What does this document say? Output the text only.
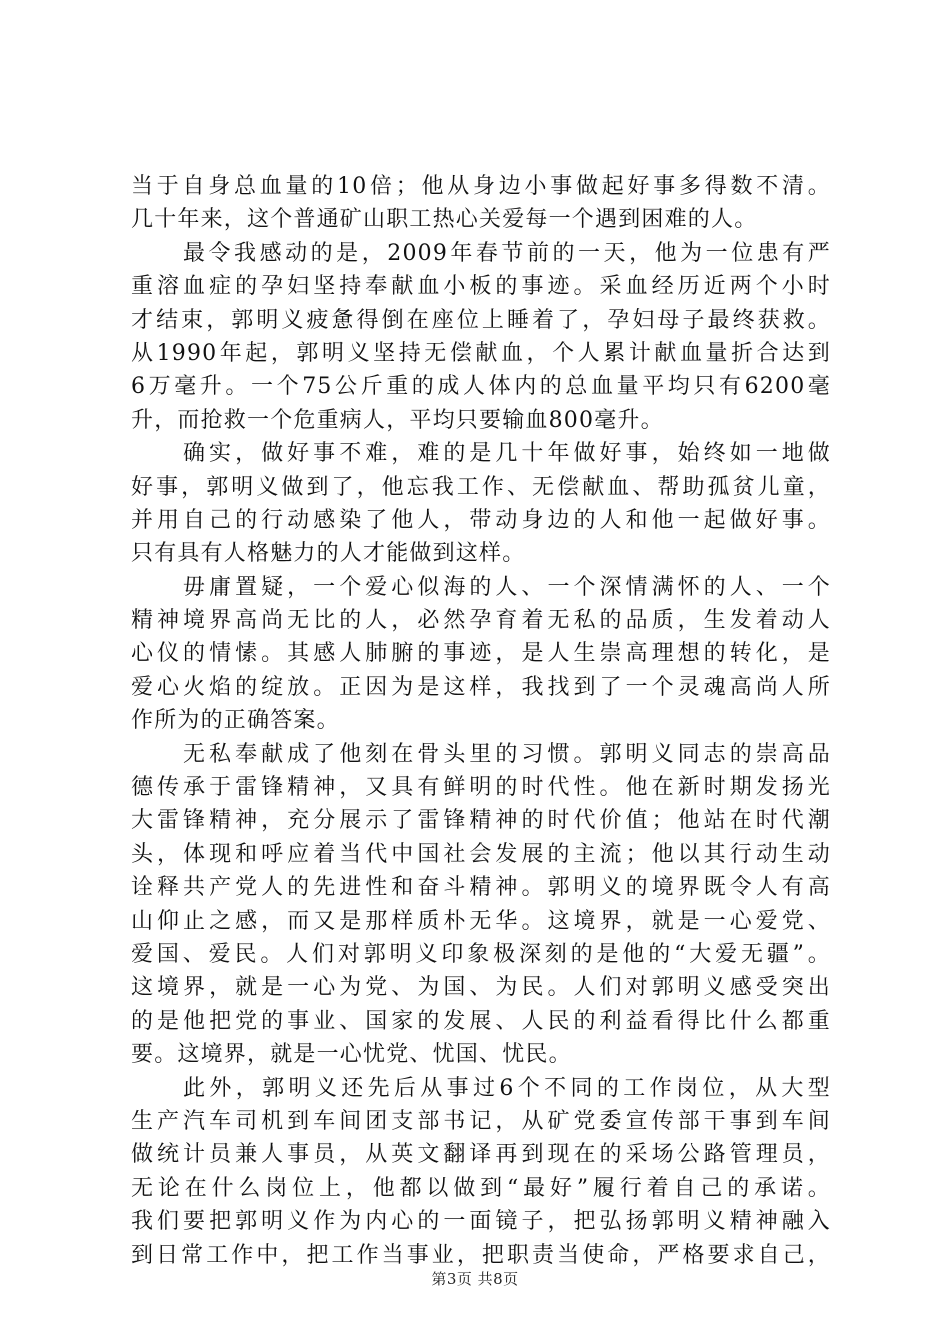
当于自身总血量的10倍；他从身边小事做起好事多得数不清。
几十年来，这个普通矿山职工热心关爱每一个遇到困难的人。
最令我感动的是，2009年春节前的一天，他为一位患有严
重溶血症的孕妇坚持奉献血小板的事迹。采血经历近两个小时
才结束，郭明义疲惫得倒在座位上睡着了，孕妇母子最终获救。
从1990年起，郭明义坚持无偿献血，个人累计献血量折合达到
6万毫升。一个75公斤重的成人体内的总血量平均只有6200毫
升，而抢救一个危重病人，平均只要输血800毫升。
确实，做好事不难，难的是几十年做好事，始终如一地做
好事，郭明义做到了，他忘我工作、无偿献血、帮助孤贫儿童，
并用自己的行动感染了他人，带动身边的人和他一起做好事。
只有具有人格魅力的人才能做到这样。
毋庸置疑，一个爱心似海的人、一个深情满怀的人、一个
精神境界高尚无比的人，必然孕育着无私的品质，生发着动人
心仪的情愫。其感人肺腑的事迹，是人生崇高理想的转化，是
爱心火焰的绽放。正因为是这样，我找到了一个灵魂高尚人所
作所为的正确答案。
无私奉献成了他刻在骨头里的习惯。郭明义同志的崇高品
德传承于雷锋精神，又具有鲜明的时代性。他在新时期发扬光
大雷锋精神，充分展示了雷锋精神的时代价值；他站在时代潮
头，体现和呼应着当代中国社会发展的主流；他以其行动生动
诠释共产党人的先进性和奋斗精神。郭明义的境界既令人有高
山仰止之感，而又是那样质朴无华。这境界，就是一心爱党、
爱国、爱民。人们对郭明义印象极深刻的是他的“大爱无疆”。
这境界，就是一心为党、为国、为民。人们对郭明义感受突出
的是他把党的事业、国家的发展、人民的利益看得比什么都重
要。这境界，就是一心忧党、忧国、忧民。
此外，郭明义还先后从事过6个不同的工作岗位，从大型
生产汽车司机到车间团支部书记，从矿党委宣传部干事到车间
做统计员兼人事员，从英文翻译再到现在的采场公路管理员，
无论在什么岗位上，他都以做到“最好”履行着自己的承诺。
我们要把郭明义作为内心的一面镜子，把弘扬郭明义精神融入
到日常工作中，把工作当事业，把职责当使命，严格要求自己，
第3页 共8页
